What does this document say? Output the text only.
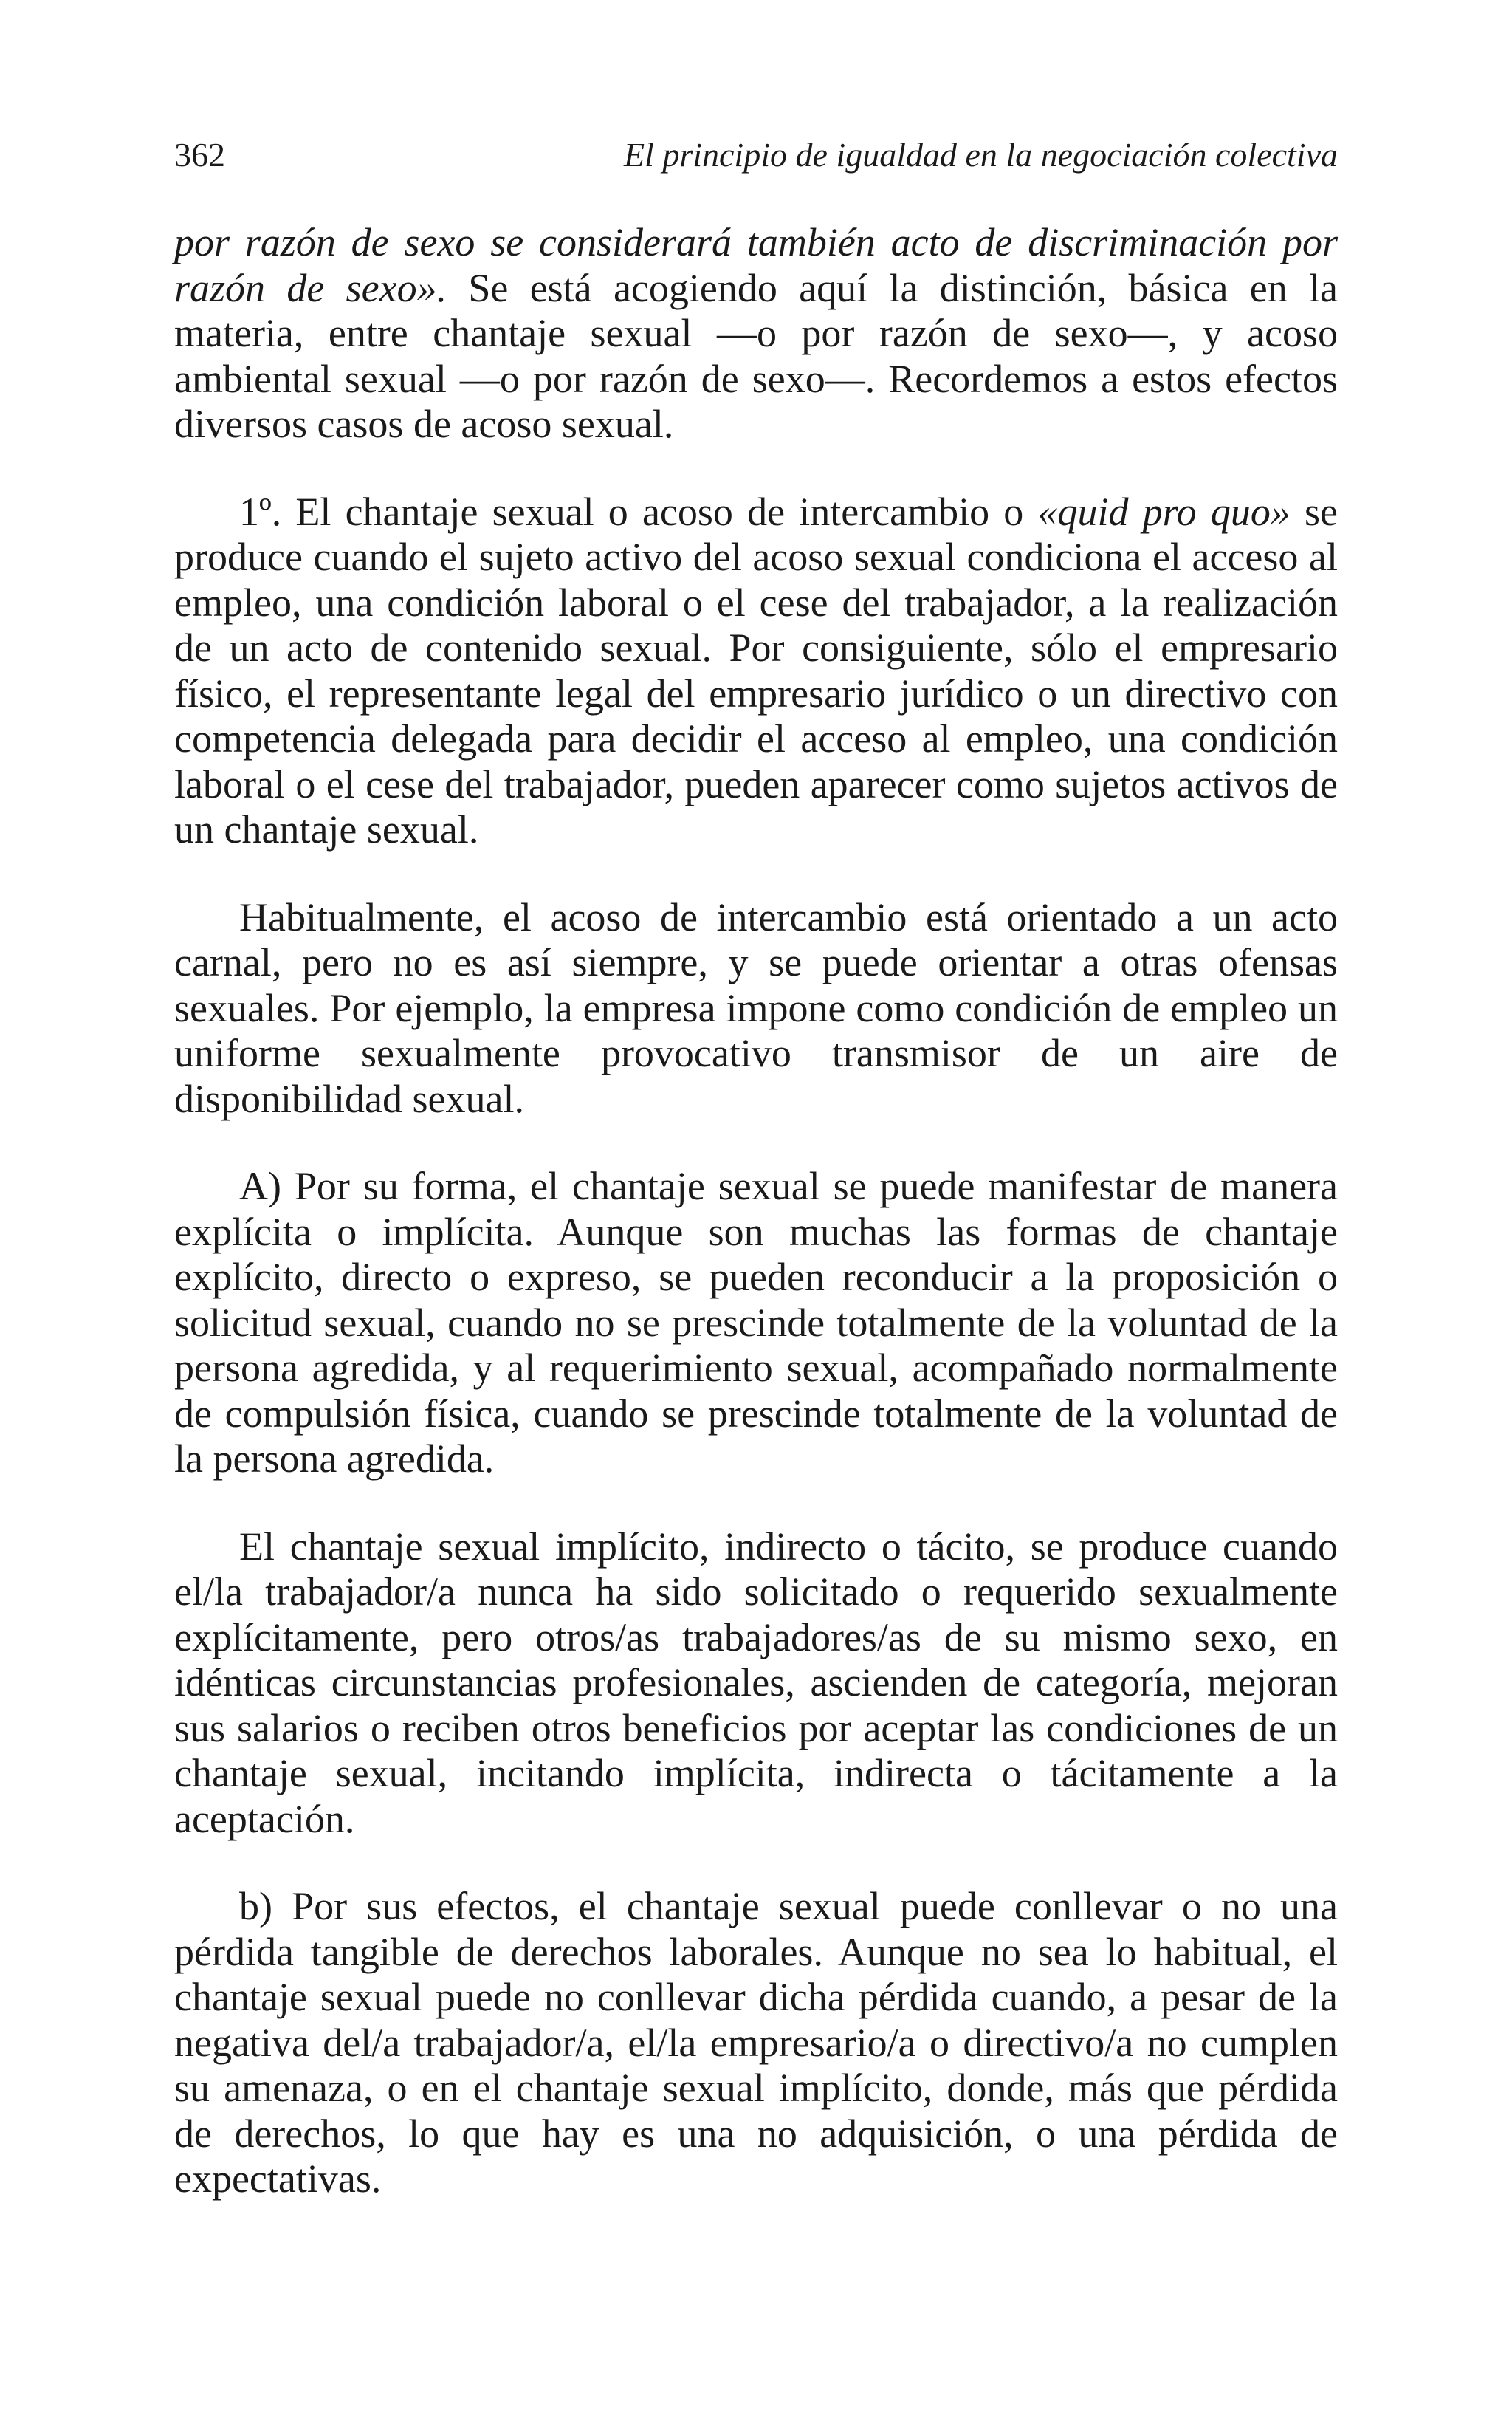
362	El principio de igualdad en la negociación colectiva

por razón de sexo se considerará también acto de discriminación por razón de sexo». Se está acogiendo aquí la distinción, básica en la materia, entre chantaje sexual —o por razón de sexo—, y acoso ambiental sexual —o por razón de sexo—. Recordemos a estos efectos diversos casos de acoso sexual.

1º. El chantaje sexual o acoso de intercambio o «quid pro quo» se produce cuando el sujeto activo del acoso sexual condiciona el acceso al empleo, una condición laboral o el cese del trabajador, a la realización de un acto de contenido sexual. Por consiguiente, sólo el empresario físico, el representante legal del empresario jurídico o un directivo con competencia delegada para decidir el acceso al empleo, una condición laboral o el cese del trabajador, pueden aparecer como sujetos activos de un chantaje sexual.

Habitualmente, el acoso de intercambio está orientado a un acto carnal, pero no es así siempre, y se puede orientar a otras ofensas sexuales. Por ejemplo, la empresa impone como condición de empleo un uniforme sexualmente provocativo transmisor de un aire de disponibilidad sexual.

A) Por su forma, el chantaje sexual se puede manifestar de manera explícita o implícita. Aunque son muchas las formas de chantaje explícito, directo o expreso, se pueden reconducir a la proposición o solicitud sexual, cuando no se prescinde totalmente de la voluntad de la persona agredida, y al requerimiento sexual, acompañado normalmente de compulsión física, cuando se prescinde totalmente de la voluntad de la persona agredida.

El chantaje sexual implícito, indirecto o tácito, se produce cuando el/la trabajador/a nunca ha sido solicitado o requerido sexualmente explícitamente, pero otros/as trabajadores/as de su mismo sexo, en idénticas circunstancias profesionales, ascienden de categoría, mejoran sus salarios o reciben otros beneficios por aceptar las condiciones de un chantaje sexual, incitando implícita, indirecta o tácitamente a la aceptación.

b) Por sus efectos, el chantaje sexual puede conllevar o no una pérdida tangible de derechos laborales. Aunque no sea lo habitual, el chantaje sexual puede no conllevar dicha pérdida cuando, a pesar de la negativa del/a trabajador/a, el/la empresario/a o directivo/a no cumplen su amenaza, o en el chantaje sexual implícito, donde, más que pérdida de derechos, lo que hay es una no adquisición, o una pérdida de expectativas.
